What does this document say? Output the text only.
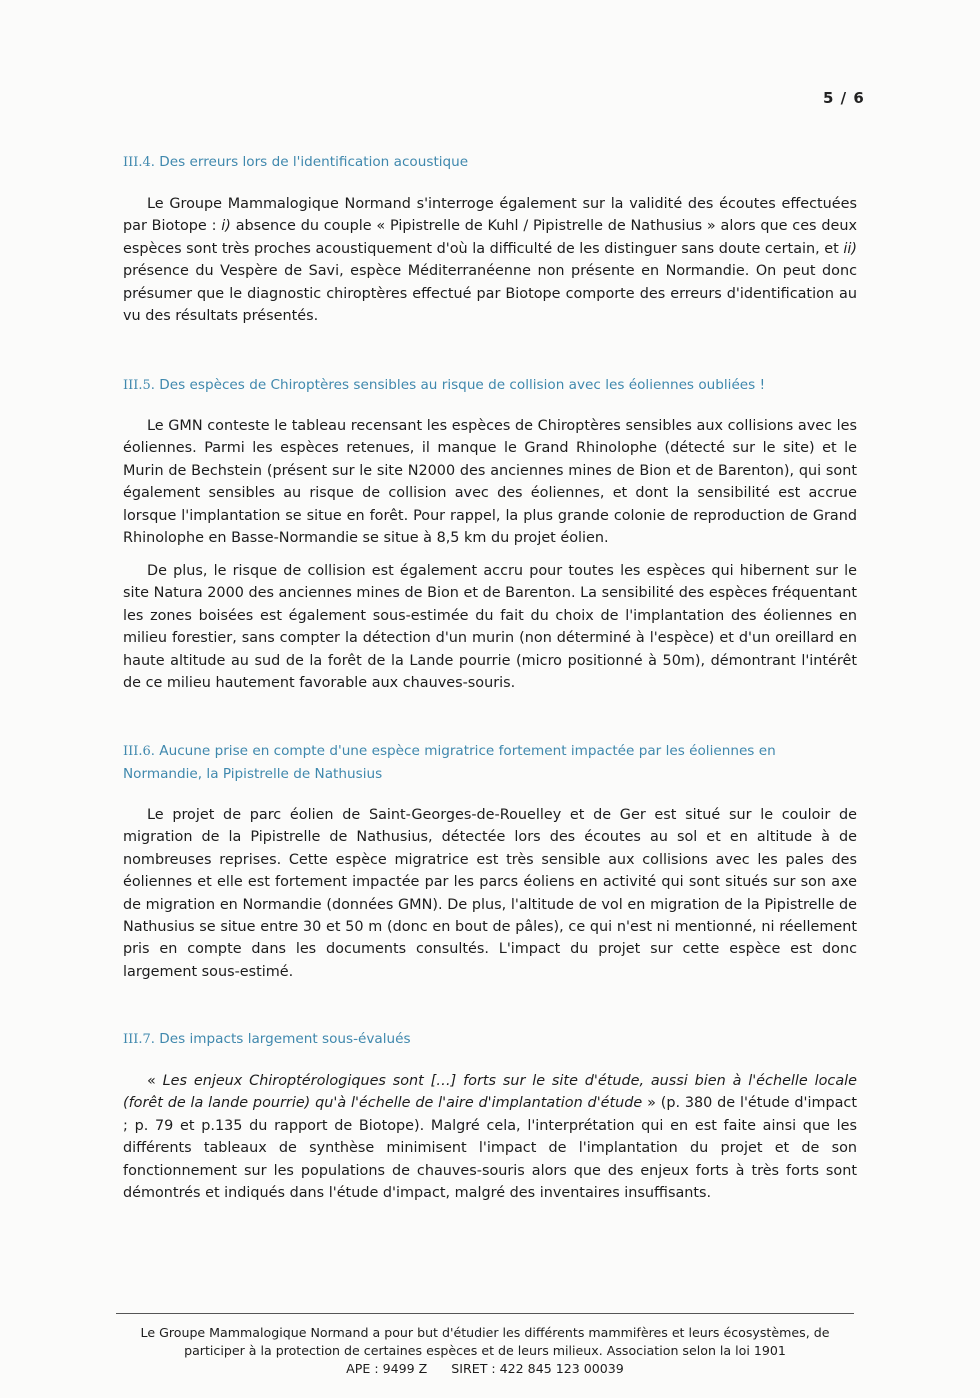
5 / 6
III.4. Des erreurs lors de l'identification acoustique
Le Groupe Mammalogique Normand s'interroge également sur la validité des écoutes effectuées par Biotope : i) absence du couple « Pipistrelle de Kuhl / Pipistrelle de Nathusius » alors que ces deux espèces sont très proches acoustiquement d'où la difficulté de les distinguer sans doute certain, et ii) présence du Vespère de Savi, espèce Méditerranéenne non présente en Normandie. On peut donc présumer que le diagnostic chiroptères effectué par Biotope comporte des erreurs d'identification au vu des résultats présentés.
III.5. Des espèces de Chiroptères sensibles au risque de collision avec les éoliennes oubliées !
Le GMN conteste le tableau recensant les espèces de Chiroptères sensibles aux collisions avec les éoliennes. Parmi les espèces retenues, il manque le Grand Rhinolophe (détecté sur le site) et le Murin de Bechstein (présent sur le site N2000 des anciennes mines de Bion et de Barenton), qui sont également sensibles au risque de collision avec des éoliennes, et dont la sensibilité est accrue lorsque l'implantation se situe en forêt. Pour rappel, la plus grande colonie de reproduction de Grand Rhinolophe en Basse-Normandie se situe à 8,5 km du projet éolien.
De plus, le risque de collision est également accru pour toutes les espèces qui hibernent sur le site Natura 2000 des anciennes mines de Bion et de Barenton. La sensibilité des espèces fréquentant les zones boisées est également sous-estimée du fait du choix de l'implantation des éoliennes en milieu forestier, sans compter la détection d'un murin (non déterminé à l'espèce) et d'un oreillard en haute altitude au sud de la forêt de la Lande pourrie (micro positionné à 50m), démontrant l'intérêt de ce milieu hautement favorable aux chauves-souris.
III.6. Aucune prise en compte d'une espèce migratrice fortement impactée par les éoliennes en Normandie, la Pipistrelle de Nathusius
Le projet de parc éolien de Saint-Georges-de-Rouelley et de Ger est situé sur le couloir de migration de la Pipistrelle de Nathusius, détectée lors des écoutes au sol et en altitude à de nombreuses reprises. Cette espèce migratrice est très sensible aux collisions avec les pales des éoliennes et elle est fortement impactée par les parcs éoliens en activité qui sont situés sur son axe de migration en Normandie (données GMN). De plus, l'altitude de vol en migration de la Pipistrelle de Nathusius se situe entre 30 et 50 m (donc en bout de pâles), ce qui n'est ni mentionné, ni réellement pris en compte dans les documents consultés. L'impact du projet sur cette espèce est donc largement sous-estimé.
III.7. Des impacts largement sous-évalués
« Les enjeux Chiroptérologiques sont […] forts sur le site d'étude, aussi bien à l'échelle locale (forêt de la lande pourrie) qu'à l'échelle de l'aire d'implantation d'étude » (p. 380 de l'étude d'impact ; p. 79 et p.135 du rapport de Biotope). Malgré cela, l'interprétation qui en est faite ainsi que les différents tableaux de synthèse minimisent l'impact de l'implantation du projet et de son fonctionnement sur les populations de chauves-souris alors que des enjeux forts à très forts sont démontrés et indiqués dans l'étude d'impact, malgré des inventaires insuffisants.
Le Groupe Mammalogique Normand a pour but d'étudier les différents mammifères et leurs écosystèmes, de participer à la protection de certaines espèces et de leurs milieux. Association selon la loi 1901
APE : 9499 Z SIRET : 422 845 123 00039
